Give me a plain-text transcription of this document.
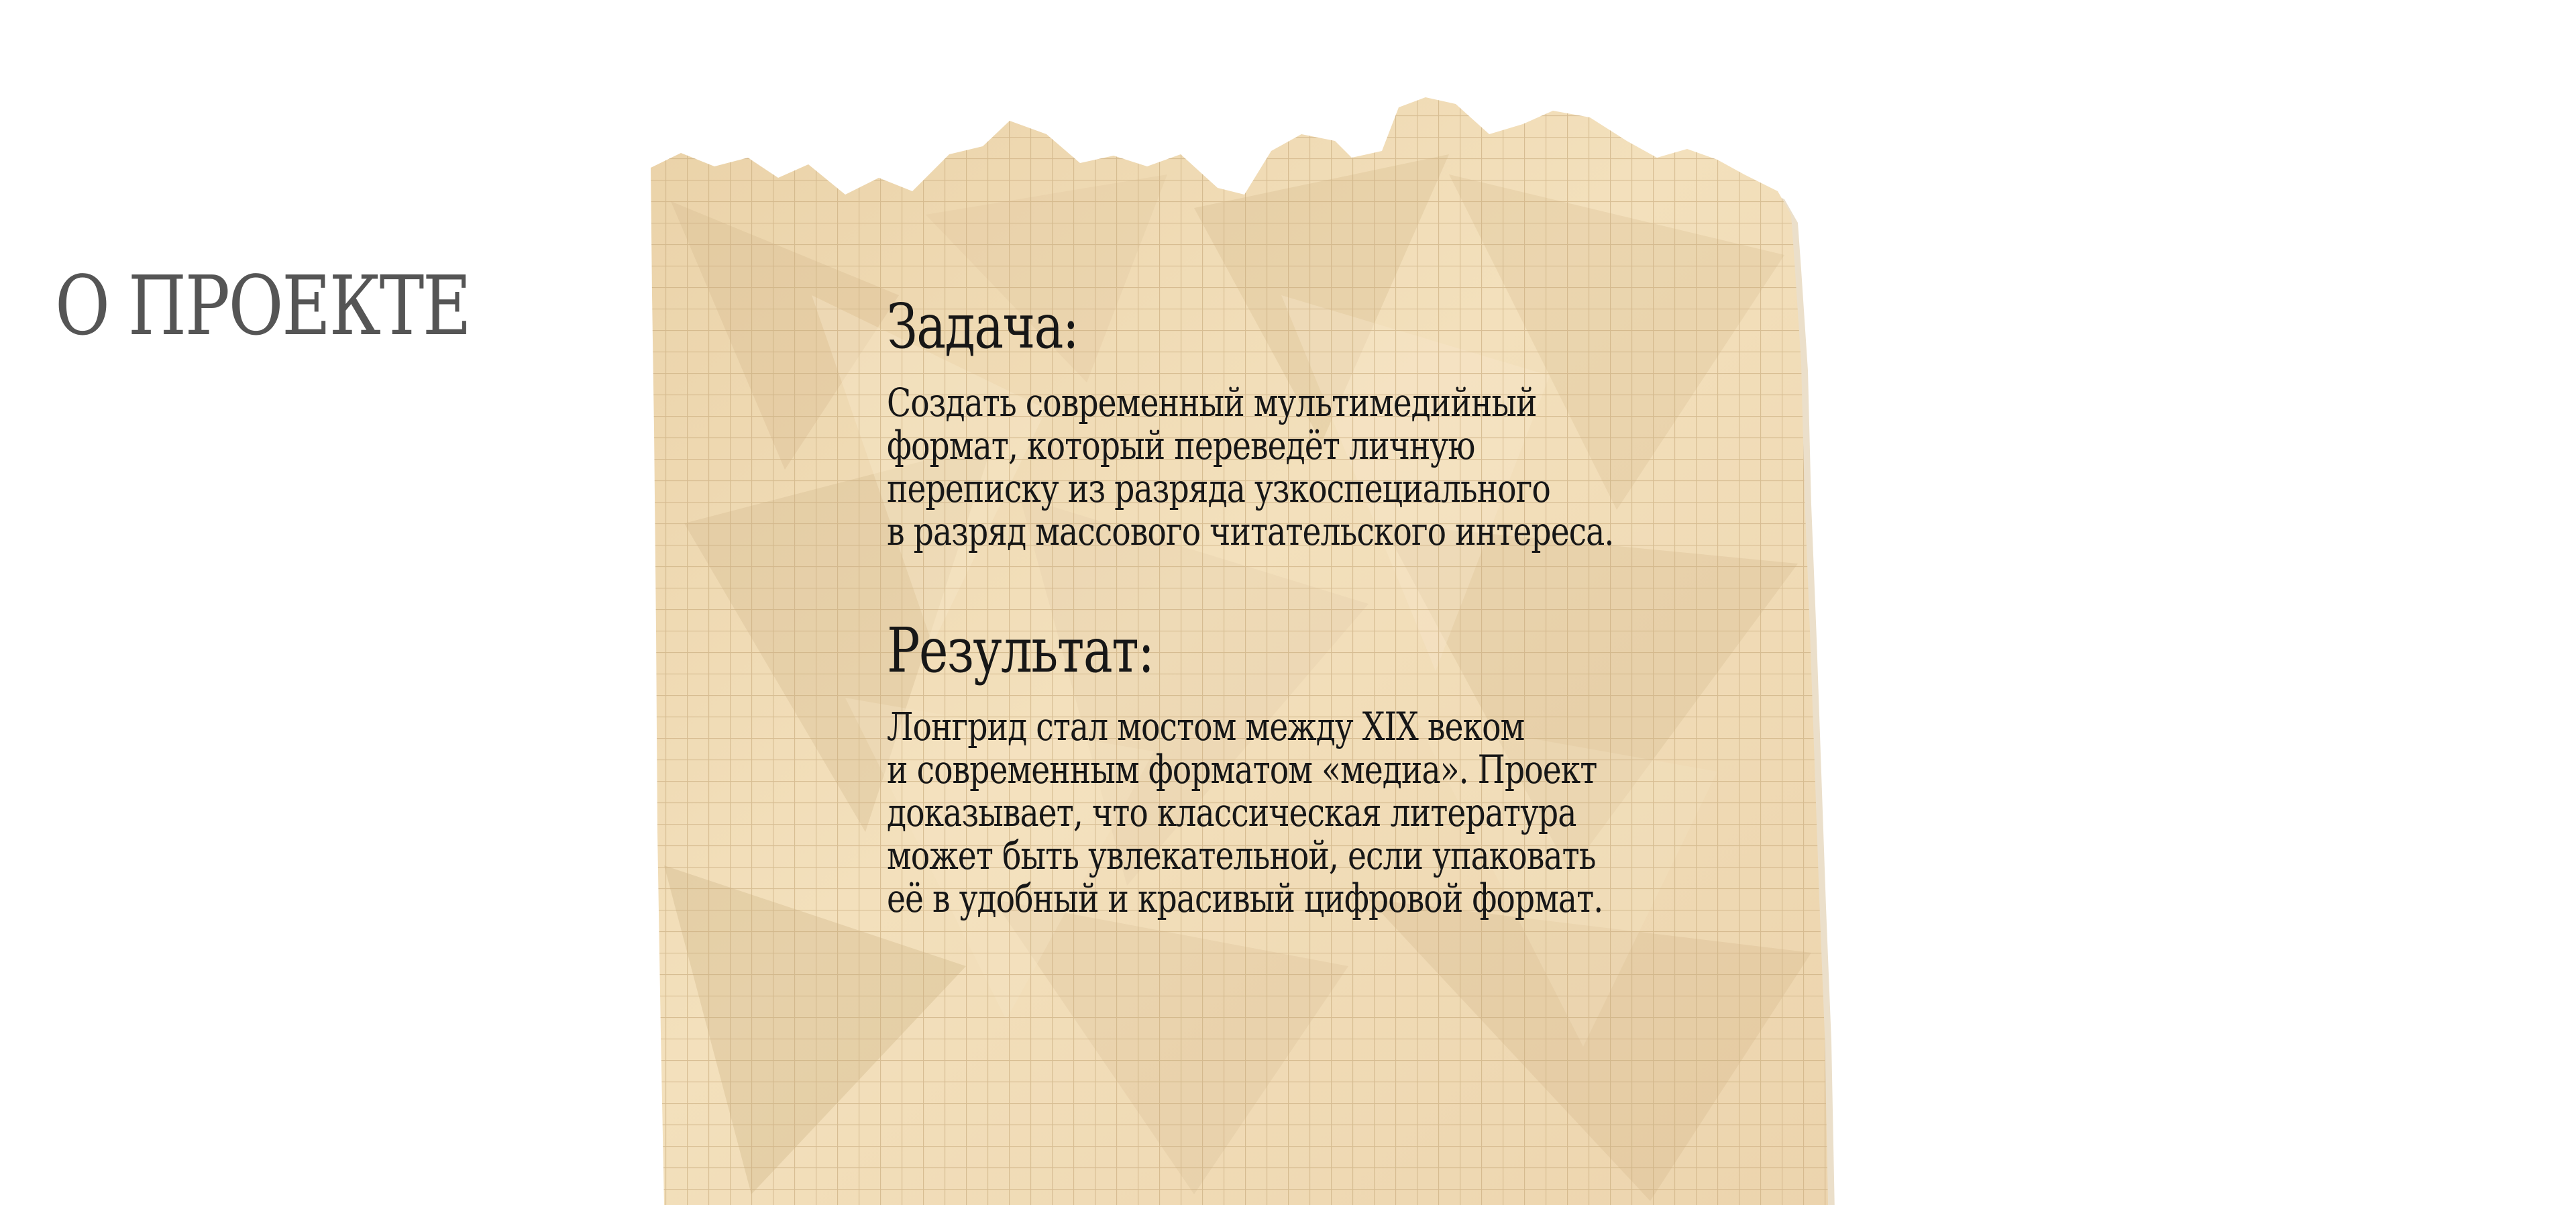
О ПРОЕКТЕ	Задача:

Создать современный мультимедийный
формат, который переведёт личную
переписку из разряда узкоспециального
в разряд массового читательского интереса.

Результат:

Лонгрид стал мостом между XIX веком
и современным форматом «медиа». Проект
доказывает, что классическая литература
может быть увлекательной, если упаковать
её в удобный и красивый цифровой формат.
